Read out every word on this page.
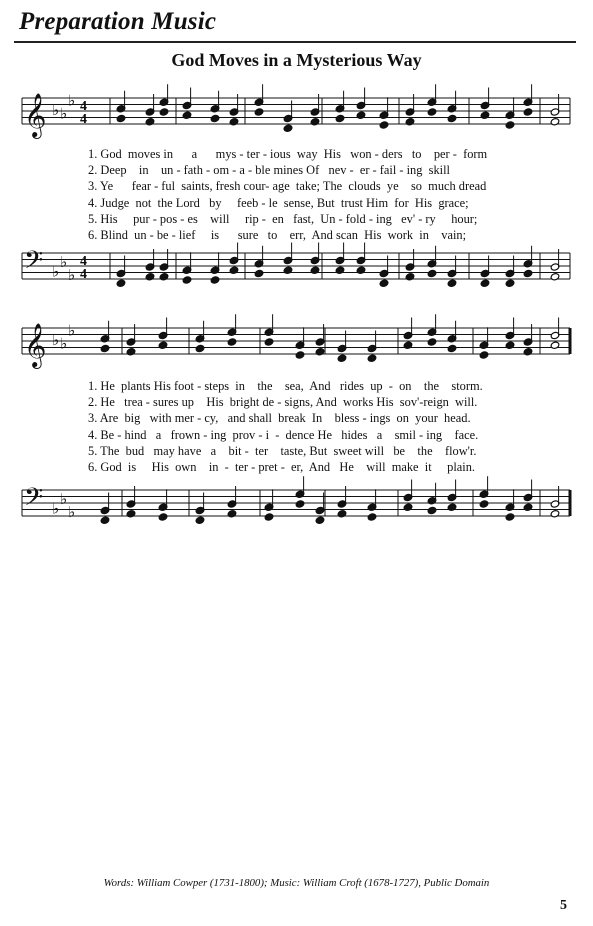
Preparation Music
God Moves in a Mysterious Way
𝄞 ♭ ♭
♭ 4
4
1. God  moves in      a      mys - ter - ious  way  His   won - ders   to    per -  form
2. Deep    in    un - fath - om - a - ble mines Of   nev -  er - fail - ing  skill
3. Ye      fear - ful  saints, fresh cour- age  take; The  clouds  ye    so  much dread
4. Judge  not  the Lord   by     feeb - le  sense, But  trust Him  for  His  grace;
5. His     pur - pos - es    will     rip -  en   fast,  Un - fold - ing   ev' - ry     hour;
6. Blind  un - be - lief     is      sure   to    err,  And scan  His  work  in    vain;
𝄢 ♭
♭
♭
4
4
𝄞 ♭ ♭
♭
1. He  plants His foot - steps  in    the    sea,  And   rides  up  -  on    the    storm.
2. He   trea - sures up    His  bright de - signs, And  works His  sov'-reign  will.
3. Are  big   with mer - cy,   and shall  break  In    bless - ings  on  your  head.
4. Be - hind   a   frown - ing  prov - i  -  dence He   hides   a    smil - ing    face.
5. The  bud   may have   a    bit -  ter    taste, But  sweet will   be    the    flow'r.
6. God  is     His  own    in  -  ter - pret -  er,  And   He    will  make  it     plain.
𝄢 ♭
♭
♭
Words: William Cowper (1731-1800); Music: William Croft (1678-1727), Public Domain
5
